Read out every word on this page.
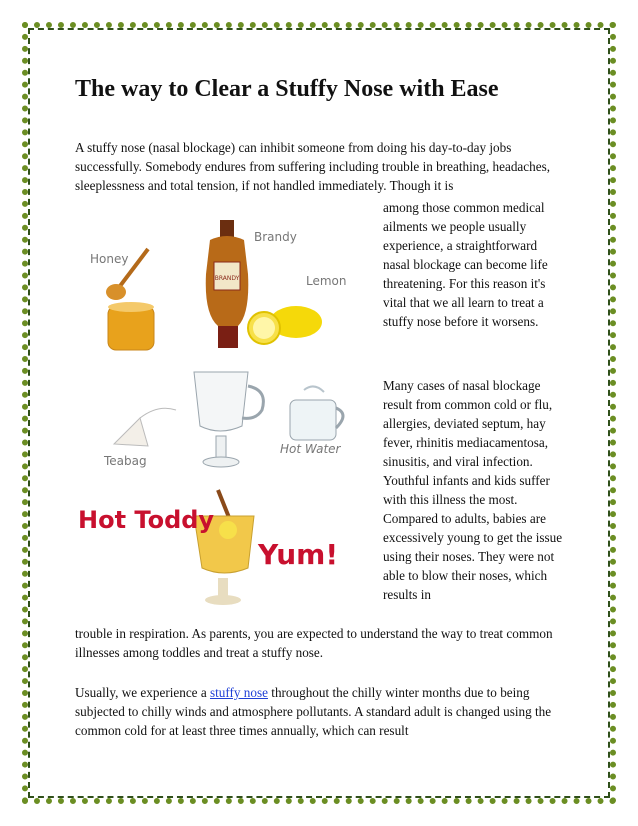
The way to Clear a Stuffy Nose with Ease

A stuffy nose (nasal blockage) can inhibit someone from doing his day-to-day jobs successfully. Somebody endures from suffering including trouble in breathing, headaches, sleeplessness and total tension, if not handled immediately. Though it is

BRANDY
Honey
Brandy
Lemon
Teabag
Hot Water
Hot Toddy
Yum!

among those common medical ailments we people usually experience, a straightforward nasal blockage can become life threatening. For this reason it's vital that we all learn to treat a stuffy nose before it worsens.

Many cases of nasal blockage result from common cold or flu, allergies, deviated septum, hay fever, rhinitis mediacamentosa, sinusitis, and viral infection. Youthful infants and kids suffer with this illness the most. Compared to adults, babies are excessively young to get the issue using their noses. They were not able to blow their noses, which results in

trouble in respiration. As parents, you are expected to understand the way to treat common illnesses among toddles and treat a stuffy nose.

Usually, we experience a stuffy nose throughout the chilly winter months due to being subjected to chilly winds and atmosphere pollutants. A standard adult is changed using the common cold for at least three times annually, which can result
